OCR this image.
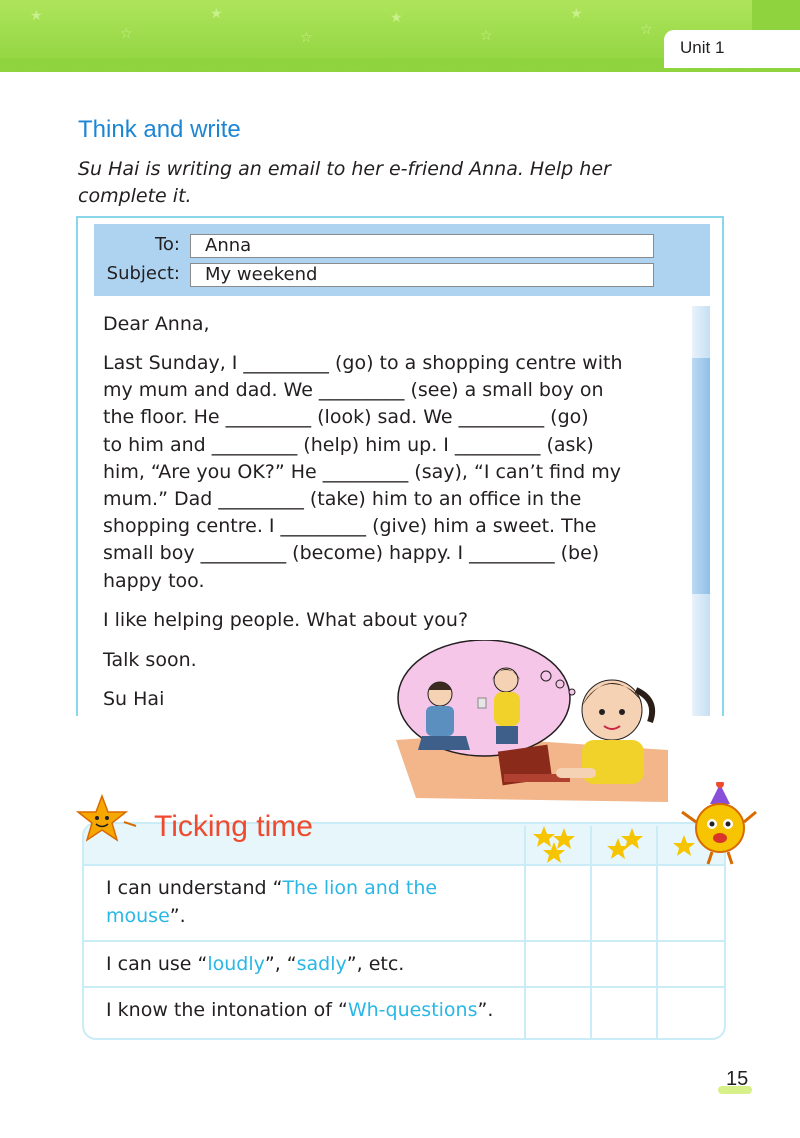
★
☆
★
☆
★
☆
★
☆
Unit 1
Think and write
Su Hai is writing an email to her e-friend Anna. Help her
complete it.
To:	Anna
Subject:	My weekend
Dear Anna,
Last Sunday, I _________ (go) to a shopping centre with
my mum and dad. We _________ (see) a small boy on
the floor. He _________ (look) sad. We _________ (go)
to him and _________ (help) him up. I _________ (ask)
him, “Are you OK?” He _________ (say), “I can’t find my
mum.” Dad _________ (take) him to an office in the
shopping centre. I _________ (give) him a sweet. The
small boy _________ (become) happy. I _________ (be)
happy too.
I like helping people. What about you?
Talk soon.
Su Hai
Ticking time
I can understand “The lion and the
mouse”.
I can use “loudly”, “sadly”, etc.
I know the intonation of “Wh-questions”.
15
